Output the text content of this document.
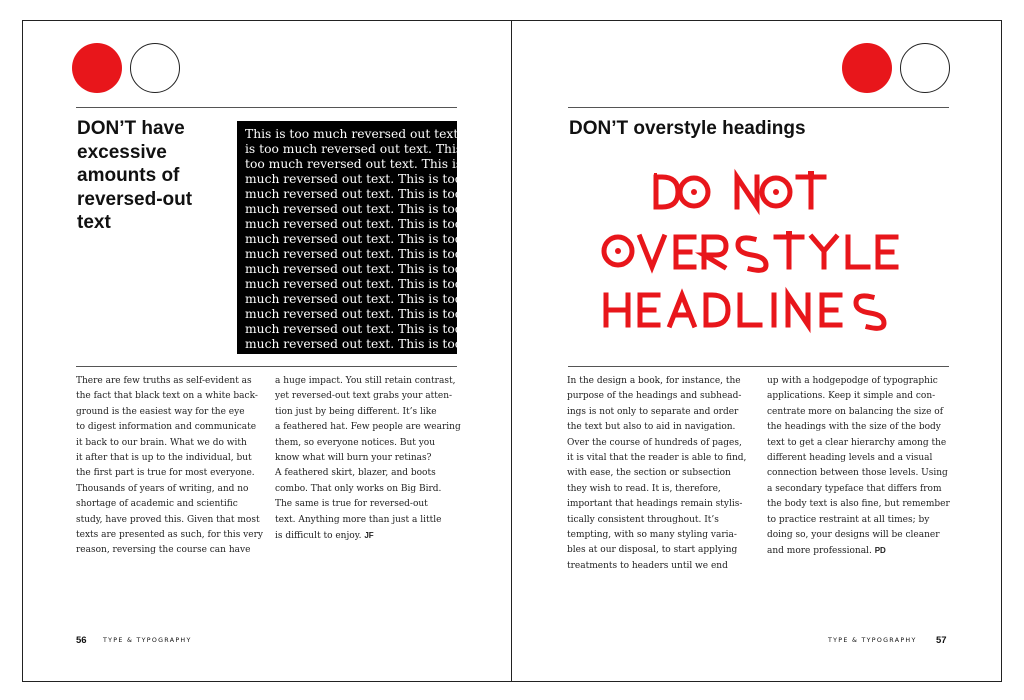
DON’T have excessive amounts of reversed-out text

This is too much reversed out text. This is too much reversed out text. This is too much reversed out text. This is too much reversed out text. This is too much reversed out text. This is too much reversed out text. This is too much reversed out text. This is too much reversed out text. This is too much reversed out text. This is too much reversed out text. This is too much reversed out text. This is too much reversed out text. This is too much reversed out text. This is too much reversed out text. This is too much reversed out text. This is too much reversed out text.

There are few truths as self-evident as
the fact that black text on a white back-
ground is the easiest way for the eye
to digest information and communicate
it back to our brain. What we do with
it after that is up to the individual, but
the first part is true for most everyone.
Thousands of years of writing, and no
shortage of academic and scientific
study, have proved this. Given that most
texts are presented as such, for this very
reason, reversing the course can have
a huge impact. You still retain contrast,
yet reversed-out text grabs your atten-
tion just by being different. It’s like
a feathered hat. Few people are wearing
them, so everyone notices. But you
know what will burn your retinas?
A feathered skirt, blazer, and boots
combo. That only works on Big Bird.
The same is true for reversed-out
text. Anything more than just a little
is difficult to enjoy. JF
56	TYPE & TYPOGRAPHY
DON’T overstyle headings
In the design a book, for instance, the
purpose of the headings and subhead-
ings is not only to separate and order
the text but also to aid in navigation.
Over the course of hundreds of pages,
it is vital that the reader is able to find,
with ease, the section or subsection
they wish to read. It is, therefore,
important that headings remain stylis-
tically consistent throughout. It’s
tempting, with so many styling varia-
bles at our disposal, to start applying
treatments to headers until we end
up with a hodgepodge of typographic
applications. Keep it simple and con-
centrate more on balancing the size of
the headings with the size of the body
text to get a clear hierarchy among the
different heading levels and a visual
connection between those levels. Using
a secondary typeface that differs from
the body text is also fine, but remember
to practice restraint at all times; by
doing so, your designs will be cleaner
and more professional. PD
TYPE & TYPOGRAPHY 57
